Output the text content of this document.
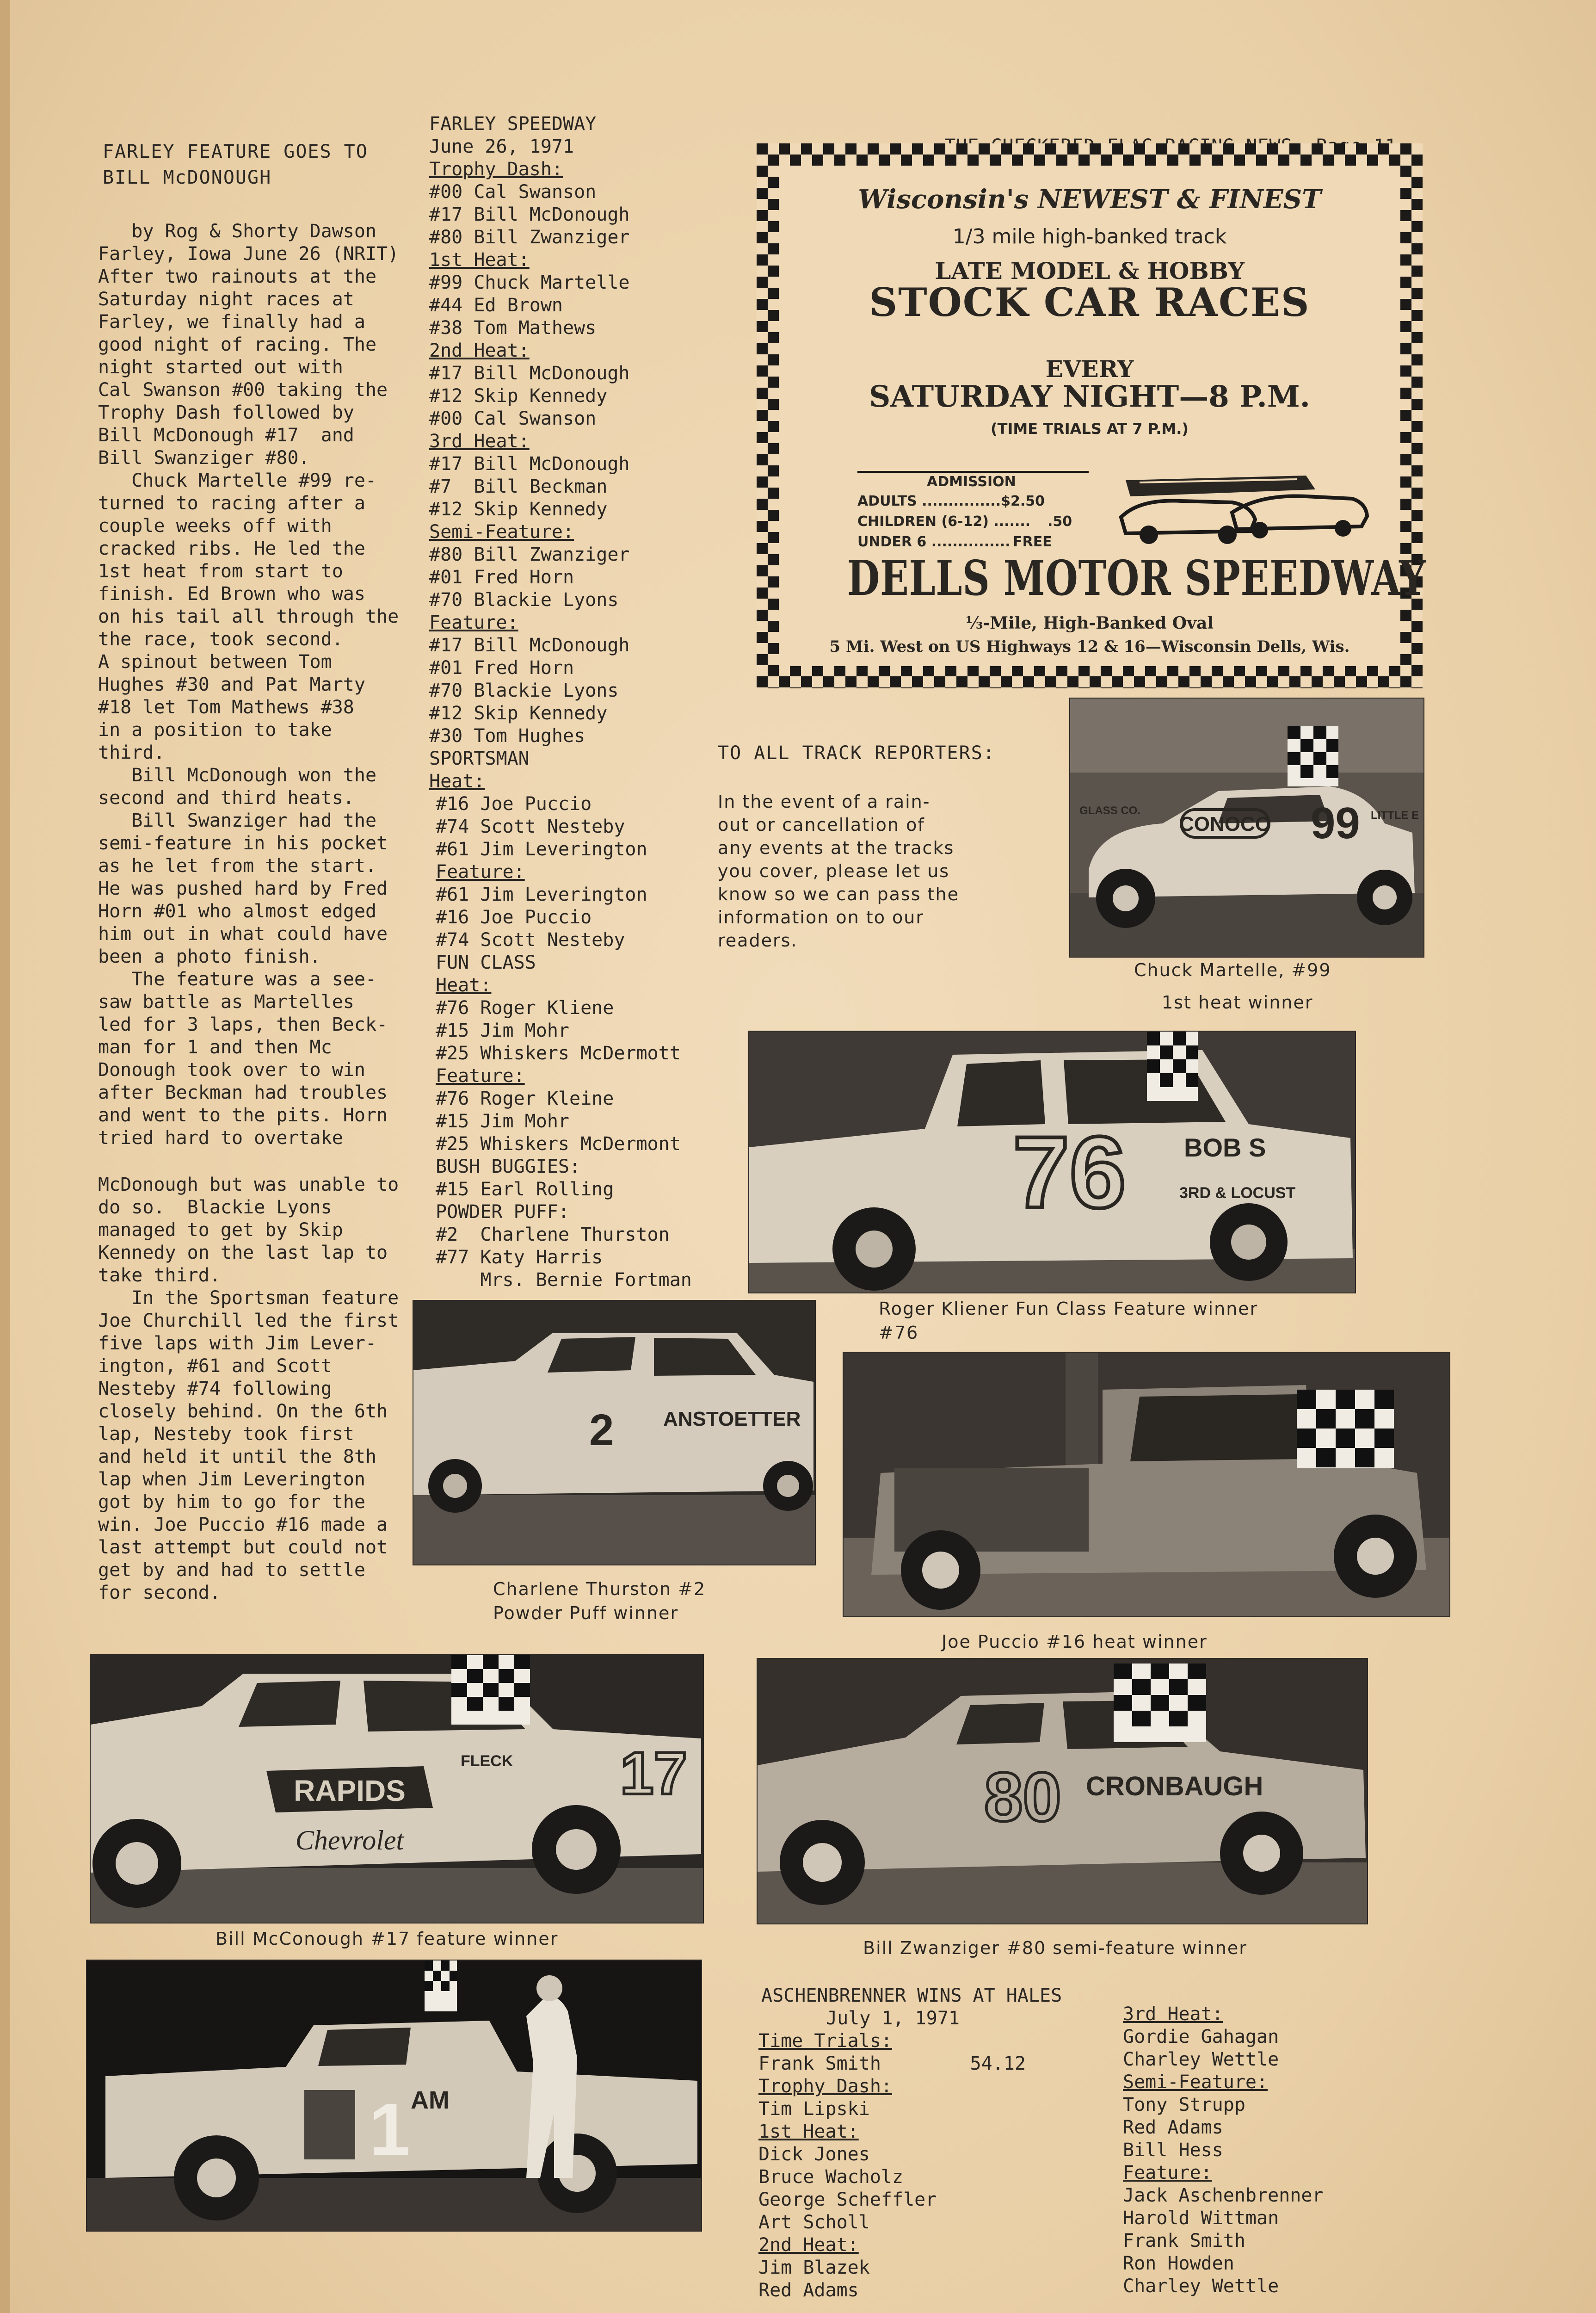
FARLEY FEATURE GOES TO
BILL McDONOUGH
by Rog & Shorty Dawson
Farley, Iowa June 26 (NRIT)
After two rainouts at the
Saturday night races at
Farley, we finally had a
good night of racing. The
night started out with
Cal Swanson #00 taking the
Trophy Dash followed by
Bill McDonough #17  and
Bill Swanziger #80.
Chuck Martelle #99 re-
turned to racing after a
couple weeks off with
cracked ribs. He led the
1st heat from start to
finish. Ed Brown who was
on his tail all through the
the race, took second.
A spinout between Tom
Hughes #30 and Pat Marty
#18 let Tom Mathews #38
in a position to take
third.
Bill McDonough won the
second and third heats.
Bill Swanziger had the
semi-feature in his pocket
as he let from the start.
He was pushed hard by Fred
Horn #01 who almost edged
him out in what could have
been a photo finish.
The feature was a see-
saw battle as Martelles
led for 3 laps, then Beck-
man for 1 and then Mc
Donough took over to win
after Beckman had troubles
and went to the pits. Horn
tried hard to overtake
McDonough but was unable to
do so.  Blackie Lyons
managed to get by Skip
Kennedy on the last lap to
take third.
In the Sportsman feature
Joe Churchill led the first
five laps with Jim Lever-
ington, #61 and Scott
Nesteby #74 following
closely behind. On the 6th
lap, Nesteby took first
and held it until the 8th
lap when Jim Leverington
got by him to go for the
win. Joe Puccio #16 made a
last attempt but could not
get by and had to settle
for second.
FARLEY SPEEDWAY
June 26, 1971
Trophy Dash:
#00 Cal Swanson
#17 Bill McDonough
#80 Bill Zwanziger
1st Heat:
#99 Chuck Martelle
#44 Ed Brown
#38 Tom Mathews
2nd Heat:
#17 Bill McDonough
#12 Skip Kennedy
#00 Cal Swanson
3rd Heat:
#17 Bill McDonough
#7  Bill Beckman
#12 Skip Kennedy
Semi-Feature:
#80 Bill Zwanziger
#01 Fred Horn
#70 Blackie Lyons
Feature:
#17 Bill McDonough
#01 Fred Horn
#70 Blackie Lyons
#12 Skip Kennedy
#30 Tom Hughes
SPORTSMAN
Heat:
#16 Joe Puccio
#74 Scott Nesteby
#61 Jim Leverington
Feature:
#61 Jim Leverington
#16 Joe Puccio
#74 Scott Nesteby
FUN CLASS
Heat:
#76 Roger Kliene
#15 Jim Mohr
#25 Whiskers McDermott
Feature:
#76 Roger Kleine
#15 Jim Mohr
#25 Whiskers McDermont
BUSH BUGGIES:
#15 Earl Rolling
POWDER PUFF:
#2  Charlene Thurston
#77 Katy Harris
Mrs. Bernie Fortman
Wisconsin's NEWEST & FINEST
1/3 mile high-banked track
LATE MODEL & HOBBY
STOCK CAR RACES
EVERY
SATURDAY NIGHT—8 P.M.
(TIME TRIALS AT 7 P.M.)
ADMISSION
ADULTS ...............$2.50
CHILDREN (6-12) ....... .50
UNDER 6 ............... FREE
DELLS MOTOR SPEEDWAY
⅓-Mile, High-Banked Oval
5 Mi. West on US Highways 12 & 16—Wisconsin Dells, Wis.
TO ALL TRACK REPORTERS:
In the event of a rain-
out or cancellation of
any events at the tracks
you cover, please let us
know so we can pass the
information on to our
readers.
CONOCO 99
GLASS CO.	LITTLE E
Chuck Martelle, #99
1st heat winner
76 BOB S
3RD & LOCUST
Roger Kliener Fun Class Feature winner
#76
2 ANSTOETTER
Charlene Thurston #2
Powder Puff winner
Joe Puccio #16 heat winner
RAPIDS
Chevrolet
17
FLECK
Bill McConough #17 feature winner
80 CRONBAUGH
Bill Zwanziger #80 semi-feature winner
1 AM
ASCHENBRENNER WINS AT HALES
July 1, 1971
Time Trials:
Frank Smith        54.12
Trophy Dash:
Tim Lipski
1st Heat:
Dick Jones
Bruce Wacholz
George Scheffler
Art Scholl
2nd Heat:
Jim Blazek
Red Adams
3rd Heat:
Gordie Gahagan
Charley Wettle
Semi-Feature:
Tony Strupp
Red Adams
Bill Hess
Feature:
Jack Aschenbrenner
Harold Wittman
Frank Smith
Ron Howden
Charley Wettle
